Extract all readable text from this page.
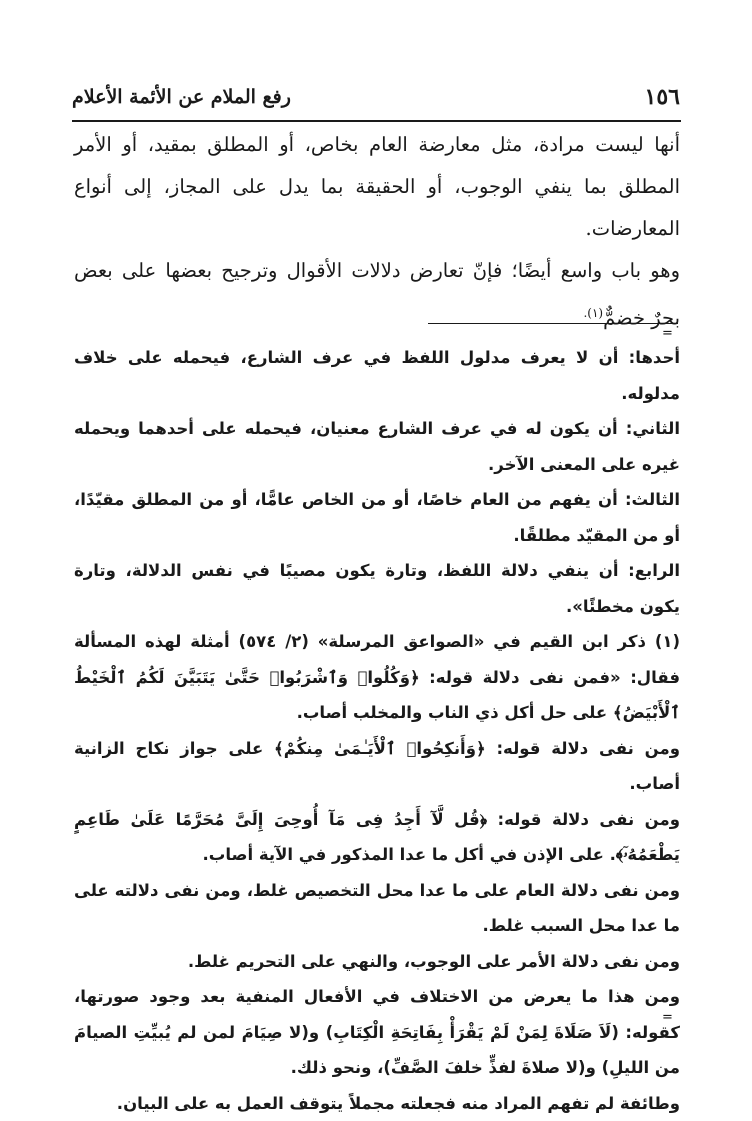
١٥٦
رفع الملام عن الأئمة الأعلام

أنها ليست مرادة، مثل معارضة العام بخاص، أو المطلق بمقيد، أو الأمر المطلق بما ينفي الوجوب، أو الحقيقة بما يدل على المجاز، إلى أنواع المعارضات.

وهو باب واسع أيضًا؛ فإنّ تعارض دلالات الأقوال وترجيح بعضها على بعض بحرٌ خضمٌّ$^{(١).}$

=

أحدها: أن لا يعرف مدلول اللفظ في عرف الشارع، فيحمله على خلاف مدلوله.

الثاني: أن يكون له في عرف الشارع معنيان، فيحمله على أحدهما ويحمله غيره على المعنى الآخر.

الثالث: أن يفهم من العام خاصًا، أو من الخاص عامًّا، أو من المطلق مقيّدًا، أو من المقيّد مطلقًا.

الرابع: أن ينفي دلالة اللفظ، وتارة يكون مصيبًا في نفس الدلالة، وتارة يكون مخطئًا».

(١) ذكر ابن القيم في «الصواعق المرسلة» (٢/ ٥٧٤) أمثلة لهذه المسألة فقال: «فمن نفى دلالة قوله: ﴿وَكُلُوا۟ وَٱشْرَبُوا۟ حَتَّىٰ يَتَبَيَّنَ لَكُمُ ٱلْخَيْطُ ٱلْأَبْيَضُ﴾ على حل أكل ذي الناب والمخلب أصاب.

ومن نفى دلالة قوله: ﴿وَأَنكِحُوا۟ ٱلْأَيَـٰمَىٰ مِنكُمْ﴾ على جواز نكاح الزانية أصاب.

ومن نفى دلالة قوله: ﴿قُل لَّآ أَجِدُ فِى مَآ أُوحِىَ إِلَىَّ مُحَرَّمًا عَلَىٰ طَاعِمٍ يَطْعَمُهُۥٓ﴾. على الإذن في أكل ما عدا المذكور في الآية أصاب.

ومن نفى دلالة العام على ما عدا محل التخصيص غلط، ومن نفى دلالته على ما عدا محل السبب غلط.

ومن نفى دلالة الأمر على الوجوب، والنهي على التحريم غلط.

ومن هذا ما يعرض من الاختلاف في الأفعال المنفية بعد وجود صورتها، كقوله: (لَاَ صَلَاةَ لِمَنْ لَمْ يَقْرَأْ بِفَاتِحَةِ الْكِتَابِ) و(لا صِيَامَ لمن لم يُبيِّتِ الصيامَ من الليلِ) و(لا صلاةَ لفذٍّ خلفَ الصَّفِّ)، ونحو ذلك.

وطائفة لم تفهم المراد منه فجعلته مجملاً يتوقف العمل به على البيان.

=
